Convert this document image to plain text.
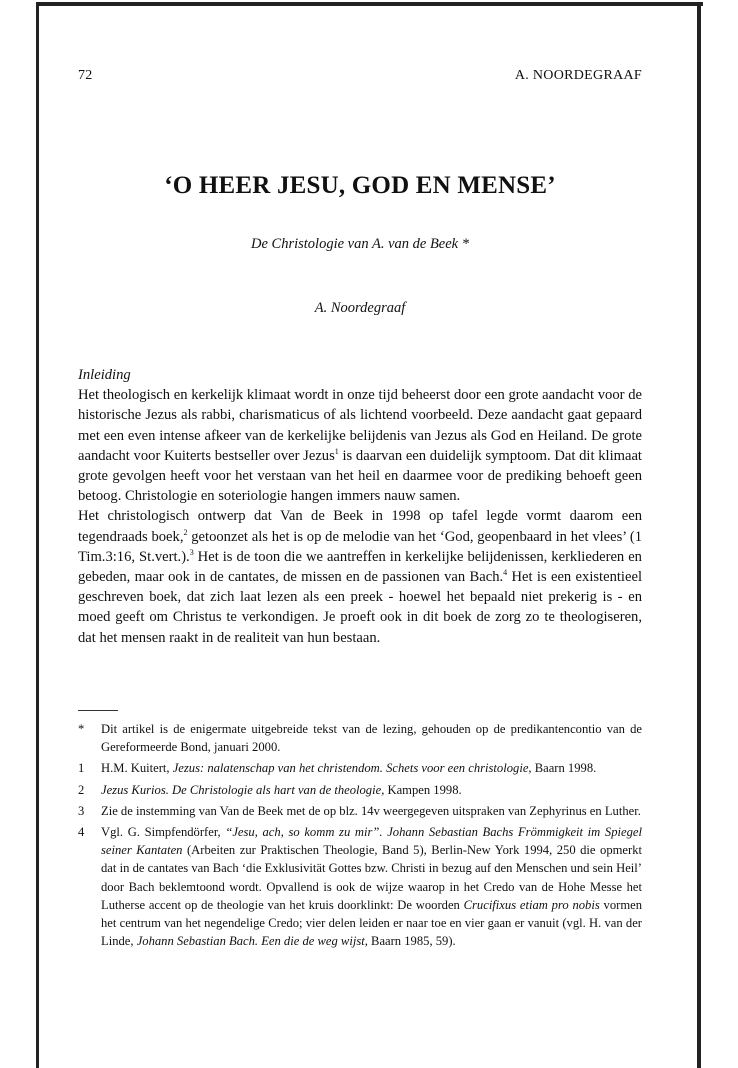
72	A. NOORDEGRAAF
‘O HEER JESU, GOD EN MENSE’
De Christologie van A. van de Beek *
A. Noordegraaf
Inleiding

Het theologisch en kerkelijk klimaat wordt in onze tijd beheerst door een grote aandacht voor de historische Jezus als rabbi, charismaticus of als lichtend voorbeeld. Deze aandacht gaat gepaard met een even intense afkeer van de kerkelijke belijdenis van Jezus als God en Heiland. De grote aandacht voor Kuiterts bestseller over Jezus$^1$ is daarvan een duidelijk symptoom. Dat dit klimaat grote gevolgen heeft voor het verstaan van het heil en daarmee voor de prediking behoeft geen betoog. Christologie en soteriologie hangen immers nauw samen.

Het christologisch ontwerp dat Van de Beek in 1998 op tafel legde vormt daarom een tegendraads boek,$^2$ getoonzet als het is op de melodie van het ‘God, geopenbaard in het vlees’ (1 Tim.3:16, St.vert.).$^3$ Het is de toon die we aantreffen in kerkelijke belijdenissen, kerkliederen en gebeden, maar ook in de cantates, de missen en de passionen van Bach.$^4$ Het is een existentieel geschreven boek, dat zich laat lezen als een preek - hoewel het bepaald niet prekerig is - en moed geeft om Christus te verkondigen. Je proeft ook in dit boek de zorg zo te theologiseren, dat het mensen raakt in de realiteit van hun bestaan.

*	Dit artikel is de enigermate uitgebreide tekst van de lezing, gehouden op de predikantencontio van de Gereformeerde Bond, januari 2000.
1	H.M. Kuitert, Jezus: nalatenschap van het christendom. Schets voor een christologie, Baarn 1998.
2	Jezus Kurios. De Christologie als hart van de theologie, Kampen 1998.
3	Zie de instemming van Van de Beek met de op blz. 14v weergegeven uitspraken van Zephyrinus en Luther.
4	Vgl. G. Simpfendörfer, “Jesu, ach, so komm zu mir”. Johann Sebastian Bachs Frömmigkeit im Spiegel seiner Kantaten (Arbeiten zur Praktischen Theologie, Band 5), Berlin-New York 1994, 250 die opmerkt dat in de cantates van Bach ‘die Exklusivität Gottes bzw. Christi in bezug auf den Menschen und sein Heil’ door Bach beklemtoond wordt. Opvallend is ook de wijze waarop in het Credo van de Hohe Messe het Lutherse accent op de theologie van het kruis doorklinkt: De woorden Crucifixus etiam pro nobis vormen het centrum van het negendelige Credo; vier delen leiden er naar toe en vier gaan er vanuit (vgl. H. van der Linde, Johann Sebastian Bach. Een die de weg wijst, Baarn 1985, 59).
